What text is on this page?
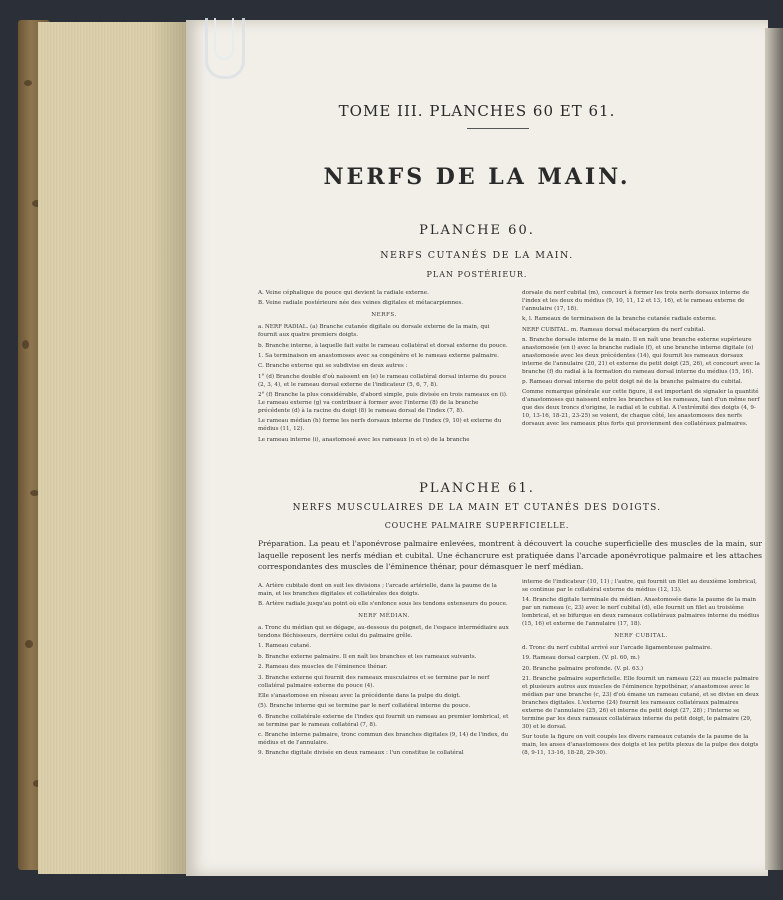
TOME III. PLANCHES 60 ET 61.
NERFS DE LA MAIN.
PLANCHE 60.
NERFS CUTANÉS DE LA MAIN.
PLAN POSTÉRIEUR.

A. Veine céphalique du pouce qui devient la radiale externe.

B. Veine radiale postérieure née des veines digitales et métacarpiennes.

NERFS.

a. NERF RADIAL. (a) Branche cutanée digitale ou dorsale externe de la main, qui fournit aux quatre premiers doigts.

b. Branche interne, à laquelle fait suite le rameau collatéral et dorsal externe du pouce.

1. Sa terminaison en anastomoses avec sa congénère et le rameau externe palmaire.

C. Branche externe qui se subdivise en deux autres :

1° (d) Branche double d'où naissent en (e) le rameau collatéral dorsal interne du pouce (2, 3, 4), et le rameau dorsal externe de l'indicateur (5, 6, 7, 8).

2° (f) Branche la plus considérable, d'abord simple, puis divisée en trois rameaux en (i). Le rameau externe (g) va contribuer à former avec l'interne (8) de la branche précédente (d) à la racine du doigt (8) le rameau dorsal de l'index (7, 8).

Le rameau médian (h) forme les nerfs dorsaux interne de l'index (9, 10) et externe du médius (11, 12).

Le rameau interne (i), anastomosé avec les rameaux (n et o) de la branche

dorsale du nerf cubital (m), concourt à former les trois nerfs dorsaux interne de l'index et les deux du médius (9, 10, 11, 12 et 13, 16), et le rameau externe de l'annulaire (17, 18).

k, l. Rameaux de terminaison de la branche cutanée radiale externe.

NERF CUBITAL. m. Rameau dorsal métacarpien du nerf cubital.

n. Branche dorsale interne de la main. Il en naît une branche externe supérieure anastomosée (en i) avec la branche radiale (f), et une branche interne digitale (o) anastomosée avec les deux précédentes (14), qui fournit les rameaux dorsaux interne de l'annulaire (20, 21) et externe du petit doigt (25, 26), et concourt avec la branche (f) du radial à la formation du rameau dorsal interne du médius (15, 16).

p. Rameau dorsal interne du petit doigt né de la branche palmaire du cubital.

Comme remarque générale sur cette figure, il est important de signaler la quantité d'anastomoses qui naissent entre les branches et les rameaux, tant d'un même nerf que des deux troncs d'origine, le radial et le cubital. A l'extrémité des doigts (4, 9-10, 13-16, 18-21, 23-25) se voient, de chaque côté, les anastomoses des nerfs dorsaux avec les rameaux plus forts qui proviennent des collatéraux palmaires.

PLANCHE 61.
NERFS MUSCULAIRES DE LA MAIN ET CUTANÉS DES DOIGTS.
COUCHE PALMAIRE SUPERFICIELLE.
Préparation. La peau et l'aponévrose palmaire enlevées, montrent à découvert la couche superficielle des muscles de la main, sur laquelle reposent les nerfs médian et cubital. Une échancrure est pratiquée dans l'arcade aponévrotique palmaire et les attaches correspondantes des muscles de l'éminence thénar, pour démasquer le nerf médian.

A. Artère cubitale dont on suit les divisions ; l'arcade artérielle, dans la paume de la main, et les branches digitales et collatérales des doigts.

B. Artère radiale jusqu'au point où elle s'enfonce sous les tendons extenseurs du pouce.

NERF MÉDIAN.

a. Tronc du médian qui se dégage, au-dessous du poignet, de l'espace intermédiaire aux tendons fléchisseurs, derrière celui du palmaire grêle.

1. Rameau cutané.

b. Branche externe palmaire. Il en naît les branches et les rameaux suivants.

2. Rameau des muscles de l'éminence thénar.

3. Branche externe qui fournit des rameaux musculaires et se termine par le nerf collatéral palmaire externe du pouce (4).

Elle s'anastomose en réseau avec la précédente dans la pulpe du doigt.

(5). Branche interne qui se termine par le nerf collatéral interne du pouce.

6. Branche collatérale externe de l'index qui fournit un rameau au premier lombrical, et se termine par le rameau collatéral (7, 8).

c. Branche interne palmaire, tronc commun des branches digitales (9, 14) de l'index, du médius et de l'annulaire.

9. Branche digitale divisée en deux rameaux : l'un constitue le collatéral

interne de l'indicateur (10, 11) ; l'autre, qui fournit un filet au deuxième lombrical, se continue par le collatéral externe du médius (12, 13).

14. Branche digitale terminale du médian. Anastomosée dans la paume de la main par un rameau (c, 23) avec le nerf cubital (d), elle fournit un filet au troisième lombrical, et se bifurque en deux rameaux collatéraux palmaires interne du médius (15, 16) et externe de l'annulaire (17, 18).

NERF CUBITAL.

d. Tronc du nerf cubital arrivé sur l'arcade ligamenteuse palmaire.

19. Rameau dorsal carpien. (V. pl. 60, m.)

20. Branche palmaire profonde. (V. pl. 63.)

21. Branche palmaire superficielle. Elle fournit un rameau (22) au muscle palmaire et plusieurs autres aux muscles de l'éminence hypothénar, s'anastomose avec le médian par une branche (c, 23) d'où émane un rameau cutané, et se divise en deux branches digitales. L'externe (24) fournit les rameaux collatéraux palmaires externe de l'annulaire (25, 26) et interne du petit doigt (27, 28) ; l'interne se termine par les deux rameaux collatéraux interne du petit doigt, le palmaire (29, 30) et le dorsal.

Sur toute la figure on voit coupés les divers rameaux cutanés de la paume de la main, les anses d'anastomoses des doigts et les petits plexus de la pulpe des doigts (8, 9-11, 13-16, 18-28, 29-30).
